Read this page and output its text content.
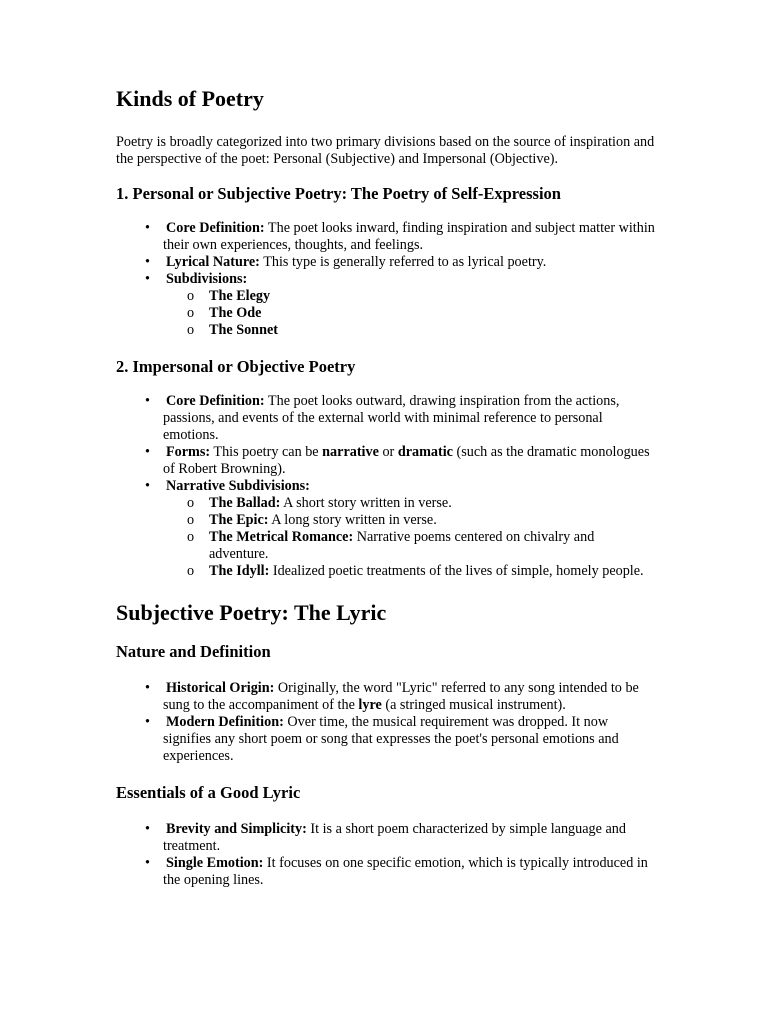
Kinds of Poetry

Poetry is broadly categorized into two primary divisions based on the source of inspiration and the perspective of the poet: Personal (Subjective) and Impersonal (Objective).

1. Personal or Subjective Poetry: The Poetry of Self-Expression
• Core Definition: The poet looks inward, finding inspiration and subject matter within their own experiences, thoughts, and feelings.
• Lyrical Nature: This type is generally referred to as lyrical poetry.
• Subdivisions:
o The Elegy
o The Ode
o The Sonnet
2. Impersonal or Objective Poetry
• Core Definition: The poet looks outward, drawing inspiration from the actions, passions, and events of the external world with minimal reference to personal emotions.
• Forms: This poetry can be narrative or dramatic (such as the dramatic monologues of Robert Browning).
• Narrative Subdivisions:
o The Ballad: A short story written in verse.
o The Epic: A long story written in verse.
o The Metrical Romance: Narrative poems centered on chivalry and adventure.
o The Idyll: Idealized poetic treatments of the lives of simple, homely people.
Subjective Poetry: The Lyric
Nature and Definition
• Historical Origin: Originally, the word "Lyric" referred to any song intended to be sung to the accompaniment of the lyre (a stringed musical instrument).
• Modern Definition: Over time, the musical requirement was dropped. It now signifies any short poem or song that expresses the poet's personal emotions and experiences.
Essentials of a Good Lyric
• Brevity and Simplicity: It is a short poem characterized by simple language and treatment.
• Single Emotion: It focuses on one specific emotion, which is typically introduced in the opening lines.
